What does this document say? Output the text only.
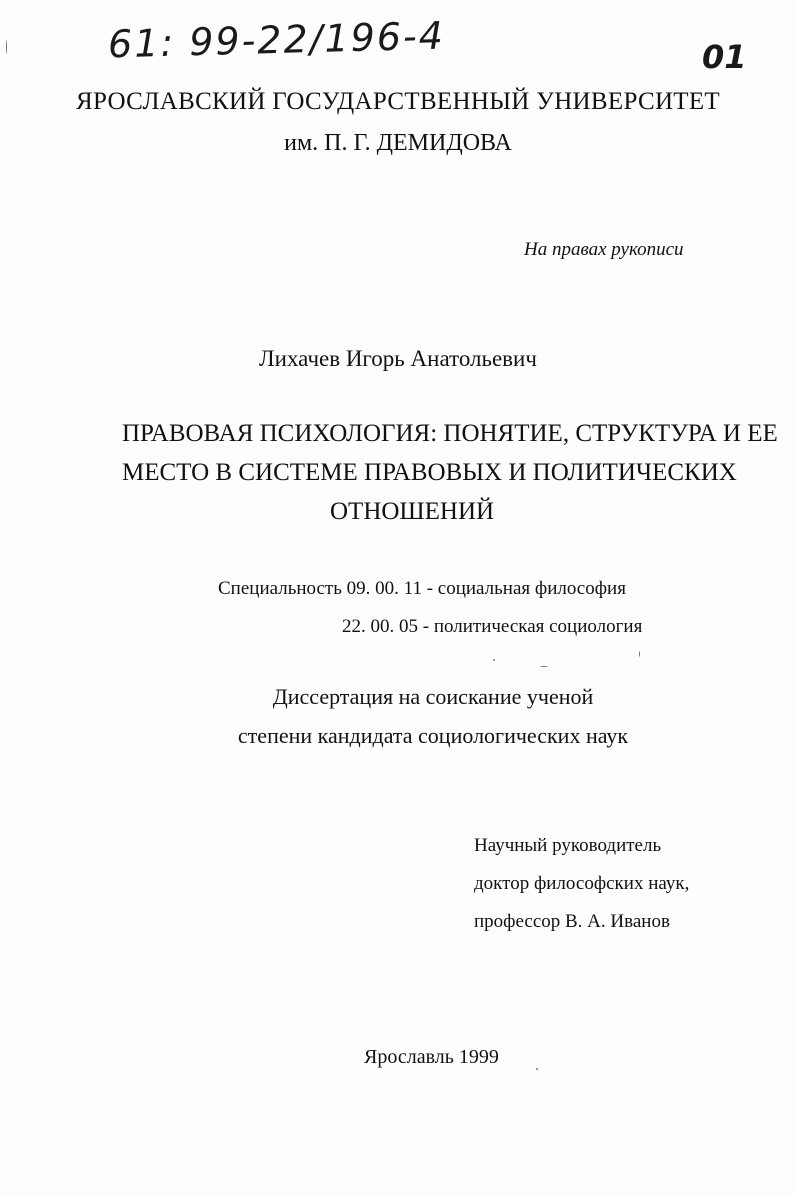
61: 99-22/196-4	01
ЯРОСЛАВСКИЙ ГОСУДАРСТВЕННЫЙ УНИВЕРСИТЕТ
им. П. Г. ДЕМИДОВА
На правах рукописи
Лихачев Игорь Анатольевич
ПРАВОВАЯ ПСИХОЛОГИЯ: ПОНЯТИЕ, СТРУКТУРА И ЕЕ
МЕСТО В СИСТЕМЕ ПРАВОВЫХ И ПОЛИТИЧЕСКИХ
ОТНОШЕНИЙ
Специальность 09. 00. 11 - социальная философия
22. 00. 05 - политическая социология
Диссертация на соискание ученой
степени кандидата социологических наук
Научный руководитель
доктор философских наук,
профессор В. А. Иванов
Ярославль 1999
